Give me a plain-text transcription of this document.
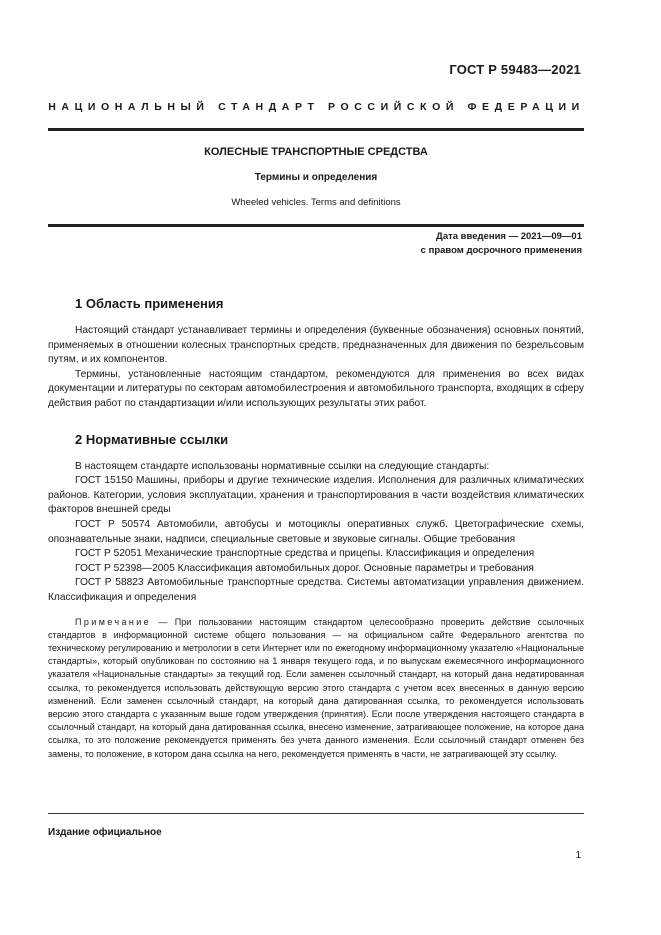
ГОСТ Р 59483—2021
НАЦИОНАЛЬНЫЙ СТАНДАРТ РОССИЙСКОЙ ФЕДЕРАЦИИ
КОЛЕСНЫЕ ТРАНСПОРТНЫЕ СРЕДСТВА
Термины и определения
Wheeled vehicles. Terms and definitions
Дата введения — 2021—09—01
с правом досрочного применения
1 Область применения

Настоящий стандарт устанавливает термины и определения (буквенные обозначения) основных понятий, применяемых в отношении колесных транспортных средств, предназначенных для движения по безрельсовым путям, и их компонентов.

Термины, установленные настоящим стандартом, рекомендуются для применения во всех видах документации и литературы по секторам автомобилестроения и автомобильного транспорта, входящих в сферу действия работ по стандартизации и/или использующих результаты этих работ.

2 Нормативные ссылки

В настоящем стандарте использованы нормативные ссылки на следующие стандарты:

ГОСТ 15150 Машины, приборы и другие технические изделия. Исполнения для различных климатических районов. Категории, условия эксплуатации, хранения и транспортирования в части воздействия климатических факторов внешней среды

ГОСТ Р 50574 Автомобили, автобусы и мотоциклы оперативных служб. Цветографические схемы, опознавательные знаки, надписи, специальные световые и звуковые сигналы. Общие требования

ГОСТ Р 52051 Механические транспортные средства и прицепы. Классификация и определения

ГОСТ Р 52398—2005 Классификация автомобильных дорог. Основные параметры и требования

ГОСТ Р 58823 Автомобильные транспортные средства. Системы автоматизации управления движением. Классификация и определения

Примечание — При пользовании настоящим стандартом целесообразно проверить действие ссылочных стандартов в информационной системе общего пользования — на официальном сайте Федерального агентства по техническому регулированию и метрологии в сети Интернет или по ежегодному информационному указателю «Национальные стандарты», который опубликован по состоянию на 1 января текущего года, и по выпускам ежемесячного информационного указателя «Национальные стандарты» за текущий год. Если заменен ссылочный стандарт, на который дана недатированная ссылка, то рекомендуется использовать действующую версию этого стандарта с учетом всех внесенных в данную версию изменений. Если заменен ссылочный стандарт, на который дана датированная ссылка, то рекомендуется использовать версию этого стандарта с указанным выше годом утверждения (принятия). Если после утверждения настоящего стандарта в ссылочный стандарт, на который дана датированная ссылка, внесено изменение, затрагивающее положение, на которое дана ссылка, то это положение рекомендуется применять без учета данного изменения. Если ссылочный стандарт отменен без замены, то положение, в котором дана ссылка на него, рекомендуется применять в части, не затрагивающей эту ссылку.

Издание официальное
1
